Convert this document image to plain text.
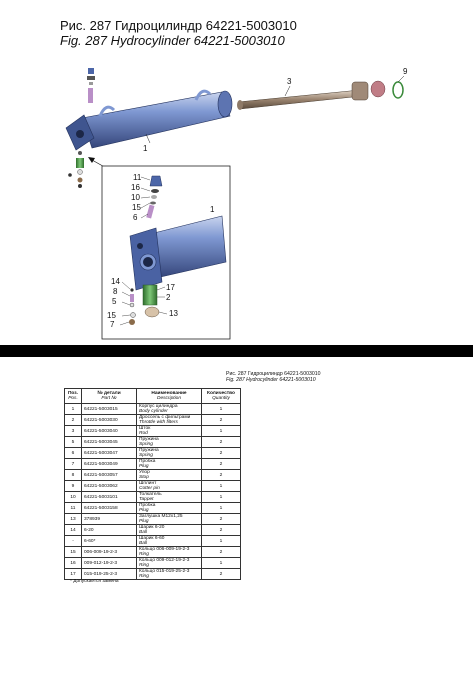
Рис. 287 Гидроцилиндр 64221-5003010
Fig. 287 Hydrocylinder 64221-5003010
1
3
9
11
16
10
15
6
1
14
8
5
17
2
15	13
7
Рис. 287 Гидроцилиндр 64221-5003010
Fig. 287 Hydrocylinder 64221-5003010
Поз.
Pos.	№ детали
Part №	Наименование
Description	Количество
Quantity
1	64221-5003015	Корпус цилиндра
Body cylinder	1
2	64221-5003030	Дроссель с фильтрами
Throttle with filters	2
3	64221-5003040	Шток
Rod	1
5	64221-5003045	Пружина
Spring	2
6	64221-5003047	Пружина
Spring	2
7	64221-5003049	Пробка
Plug	2
8	64221-5003057	Упор
Stop	2
9	64221-5003062	Шплинт
Cotter pin	1
10	64221-5003101	Толкатель
Tappet	1
11	64221-5003158	Пробка
Plug	1
13	378939	Заглушка М12х1,25
Plug	2
14	6-20	Шарик 6-20
Ball	2
-	6-60*	Шарик 6-60
Ball	1
15	006-009-19-2-3	Кольцо 006-009-19-2-3
Ring	2
16	009-012-19-2-3	Кольцо 009-012-19-2-3
Ring	1
17	015-019-25-2-3	Кольцо 015-019-25-2-3
Ring	2
* Допускается замена
